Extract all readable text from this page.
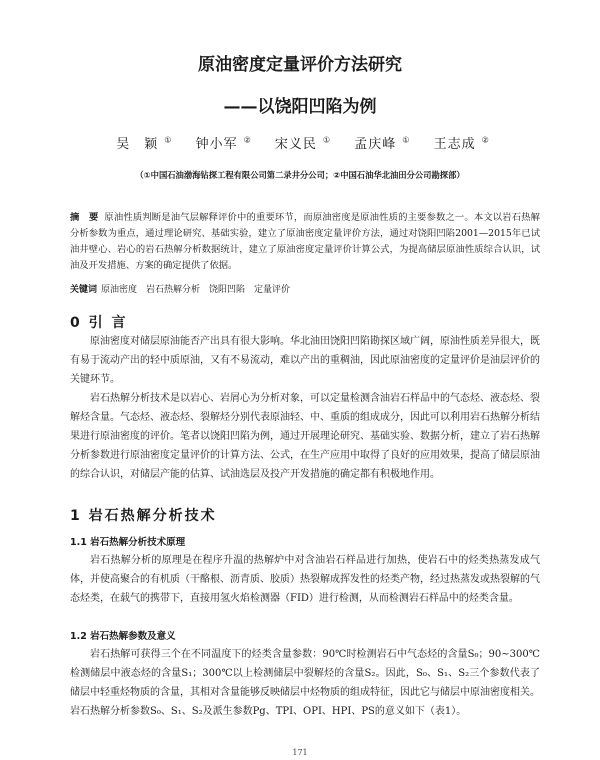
原油密度定量评价方法研究
——以饶阳凹陷为例
吴　颖 ① 钟小军 ② 宋义民 ① 孟庆峰 ① 王志成 ②
（①中国石油渤海钻探工程有限公司第二录井分公司；②中国石油华北油田分公司勘探部）
摘　要 原油性质判断是油气层解释评价中的重要环节，而原油密度是原油性质的主要参数之一。本文以岩石热解分析参数为重点，通过理论研究、基础实验，建立了原油密度定量评价方法，通过对饶阳凹陷2001—2015年已试油井壁心、岩心的岩石热解分析数据统计，建立了原油密度定量评价计算公式，为提高储层原油性质综合认识，试油及开发措施、方案的确定提供了依据。
关键词 原油密度　岩石热解分析　饶阳凹陷　定量评价
0 引 言
原油密度对储层原油能否产出具有很大影响。华北油田饶阳凹陷勘探区域广阔，原油性质差异很大，既有易于流动产出的轻中质原油，又有不易流动，难以产出的重稠油，因此原油密度的定量评价是油层评价的关键环节。
岩石热解分析技术是以岩心、岩屑心为分析对象，可以定量检测含油岩石样品中的气态烃、液态烃、裂解烃含量。气态烃、液态烃、裂解烃分别代表原油轻、中、重质的组成成分，因此可以利用岩石热解分析结果进行原油密度的评价。笔者以饶阳凹陷为例，通过开展理论研究、基础实验、数据分析，建立了岩石热解分析参数进行原油密度定量评价的计算方法、公式，在生产应用中取得了良好的应用效果，提高了储层原油的综合认识，对储层产能的估算、试油选层及投产开发措施的确定都有积极地作用。
1 岩石热解分析技术
1.1 岩石热解分析技术原理
岩石热解分析的原理是在程序升温的热解炉中对含油岩石样品进行加热，使岩石中的烃类热蒸发成气体，并使高聚合的有机质（干酪根、沥青质、胶质）热裂解成挥发性的烃类产物，经过热蒸发或热裂解的气态烃类，在载气的携带下，直接用氢火焰检测器（FID）进行检测，从而检测岩石样品中的烃类含量。
1.2 岩石热解参数及意义
岩石热解可获得三个在不同温度下的烃类含量参数：90℃时检测岩石中气态烃的含量S₀；90~300℃检测储层中液态烃的含量S₁；300℃以上检测储层中裂解烃的含量S₂。因此，S₀、S₁、S₂三个参数代表了储层中轻重烃物质的含量，其相对含量能够反映储层中烃物质的组成特征，因此它与储层中原油密度相关。岩石热解分析参数S₀、S₁、S₂及派生参数Pg、TPI、OPI、HPI、PS的意义如下（表1）。
171
